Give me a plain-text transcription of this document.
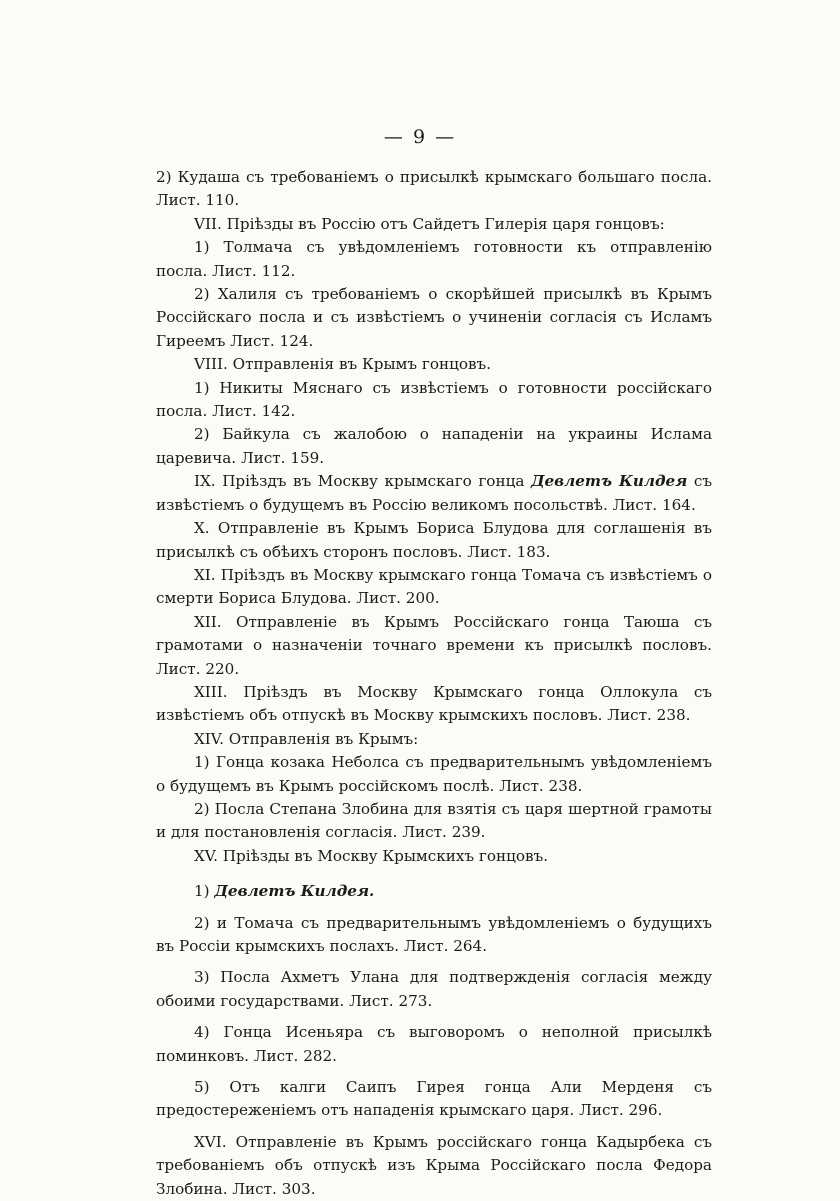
— 9 —

2) Кудаша съ требованіемъ о присылкѣ крымскаго большаго посла. Лист. 110.

VII. Пріѣзды въ Россію отъ Сайдетъ Гилерія царя гонцовъ:

1) Толмача съ увѣдомленіемъ готовности къ отправленію посла. Лист. 112.

2) Халиля съ требованіемъ о скорѣйшей присылкѣ въ Крымъ Россійскаго посла и съ извѣстіемъ о учиненіи согласія съ Исламъ Гиреемъ Лист. 124.

VIII. Отправленія въ Крымъ гонцовъ.

1) Никиты Мяснаго съ извѣстіемъ о готовности россійскаго посла. Лист. 142.

2) Байкула съ жалобою о нападеніи на украины Ислама царевича. Лист. 159.

IX. Пріѣздъ въ Москву крымскаго гонца Девлетъ Килдея съ извѣстіемъ о будущемъ въ Россію великомъ посольствѣ. Лист. 164.

X. Отправленіе въ Крымъ Бориса Блудова для соглашенія въ присылкѣ съ обѣихъ сторонъ пословъ. Лист. 183.

XI. Пріѣздъ въ Москву крымскаго гонца Томача съ извѣстіемъ о смерти Бориса Блудова. Лист. 200.

XII. Отправленіе въ Крымъ Россійскаго гонца Таюша съ грамотами о назначеніи точнаго времени къ присылкѣ пословъ. Лист. 220.

XIII. Пріѣздъ въ Москву Крымскаго гонца Оллокула съ извѣстіемъ объ отпускѣ въ Москву крымскихъ пословъ. Лист. 238.

XIV. Отправленія въ Крымъ:

1) Гонца козака Неболса съ предварительнымъ увѣдомленіемъ о будущемъ въ Крымъ россійскомъ послѣ. Лист. 238.

2) Посла Степана Злобина для взятія съ царя шертной грамоты и для постановленія согласія. Лист. 239.

XV. Пріѣзды въ Москву Крымскихъ гонцовъ.

1) Девлетъ Килдея.

2) и Томача съ предварительнымъ увѣдомленіемъ о будущихъ въ Россіи крымскихъ послахъ. Лист. 264.

3) Посла Ахметъ Улана для подтвержденія согласія между обоими государствами. Лист. 273.

4) Гонца Исеньяра съ выговоромъ о неполной присылкѣ поминковъ. Лист. 282.

5) Отъ калги Саипъ Гирея гонца Али Мерденя съ предостереженіемъ отъ нападенія крымскаго царя. Лист. 296.

XVI. Отправленіе въ Крымъ россійскаго гонца Кадырбека съ требованіемъ объ отпускѣ изъ Крыма Россійскаго посла Федора Злобина. Лист. 303.
